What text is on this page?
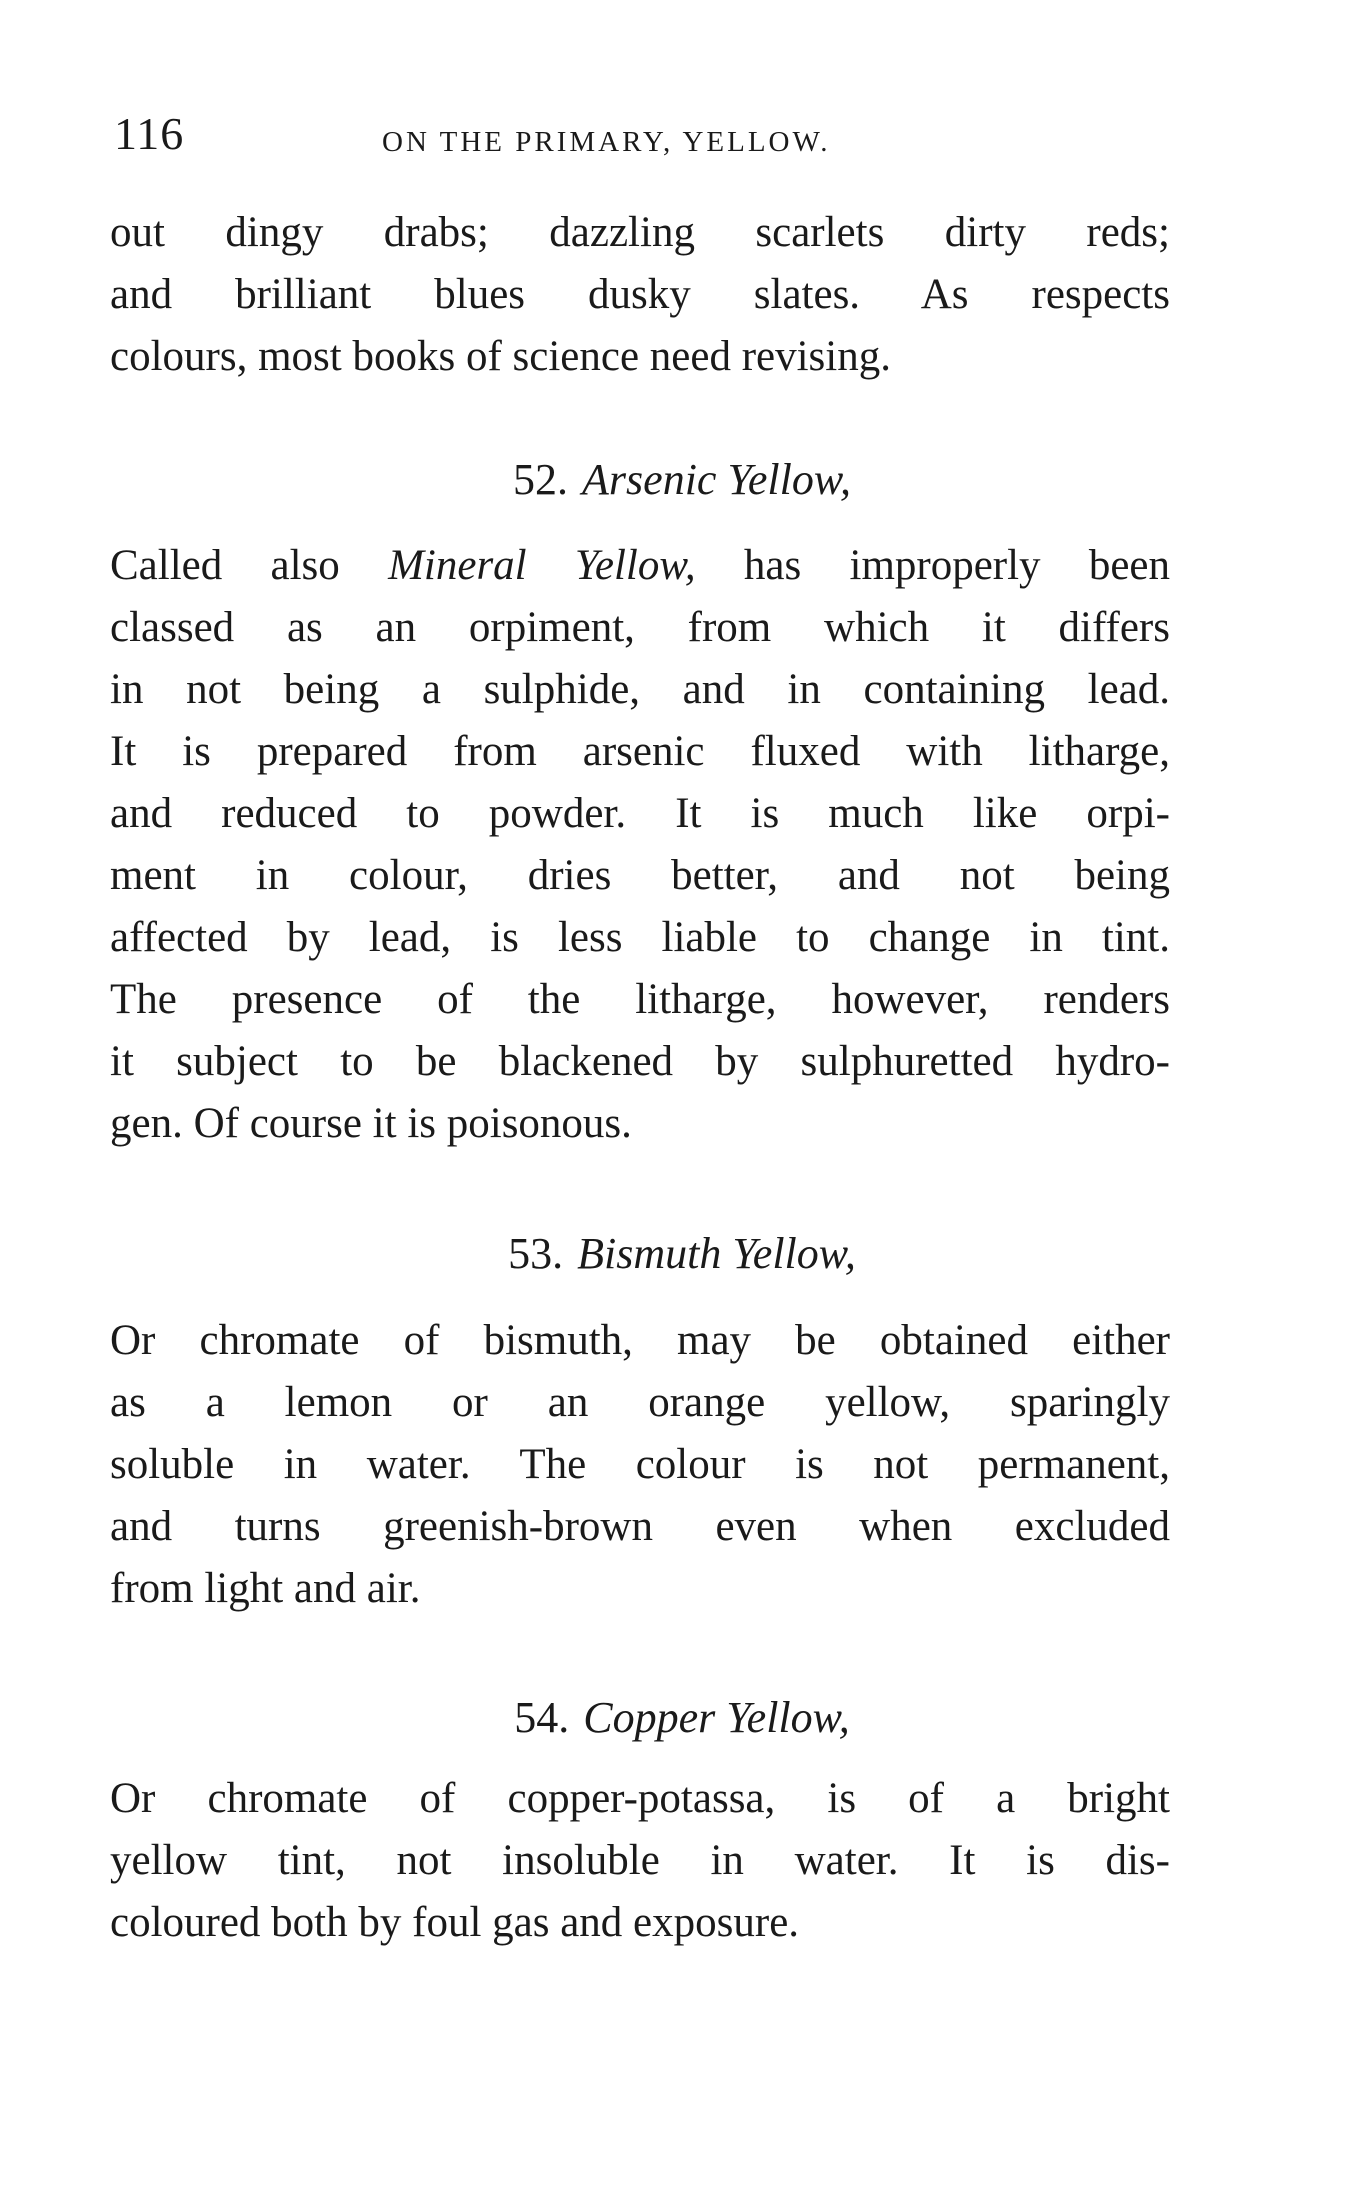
116	ON THE PRIMARY, YELLOW.
out dingy drabs; dazzling scarlets dirty reds;
and brilliant blues dusky slates. As respects
colours, most books of science need revising.
52. Arsenic Yellow,
Called also Mineral Yellow, has improperly been
classed as an orpiment, from which it differs
in not being a sulphide, and in containing lead.
It is prepared from arsenic fluxed with litharge,
and reduced to powder. It is much like orpi-
ment in colour, dries better, and not being
affected by lead, is less liable to change in tint.
The presence of the litharge, however, renders
it subject to be blackened by sulphuretted hydro-
gen. Of course it is poisonous.
53. Bismuth Yellow,
Or chromate of bismuth, may be obtained either
as a lemon or an orange yellow, sparingly
soluble in water. The colour is not permanent,
and turns greenish-brown even when excluded
from light and air.
54. Copper Yellow,
Or chromate of copper-potassa, is of a bright
yellow tint, not insoluble in water. It is dis-
coloured both by foul gas and exposure.
